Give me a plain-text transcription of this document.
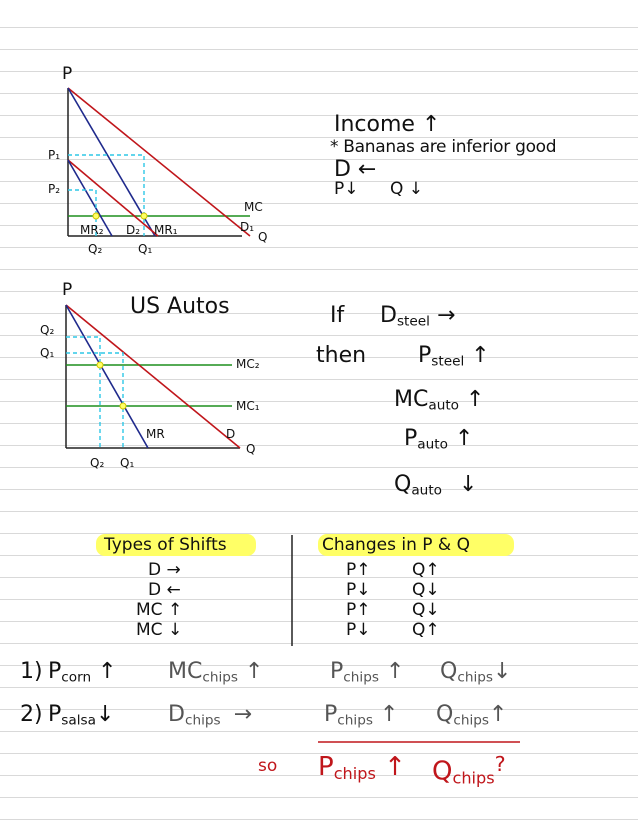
P
P₁
P₂
MR₂ D₂ MR₁
MC
D₁
Q
Q₂	Q₁
Income ↑
* Bananas are inferior good
D ←
P↓ Q ↓
P
US Autos
Q₂
Q₁
MC₂
MC₁
MR	D
Q
Q₂ Q₁
If $D_{steel}$ →
then $P_{steel}$ ↑
$MC_{auto}$ ↑
$P_{auto}$ ↑
$Q_{auto}$ ↓
Types of Shifts	Changes in P & Q
D →	P↑ Q↑
D ←	P↓ Q↓
MC ↑	P↑ Q↓
MC ↓	P↓ Q↑
1) $P_{corn}$ ↑ $MC_{chips}$ ↑	$P_{chips}$ ↑ $Q_{chips}↓$
2) $P_{salsa}↓$ $D_{chips}$ →	$P_{chips}$ ↑ $Q_{chips}↑$
so $P_{chips}$ ↑ $Q_{chips}^?$
